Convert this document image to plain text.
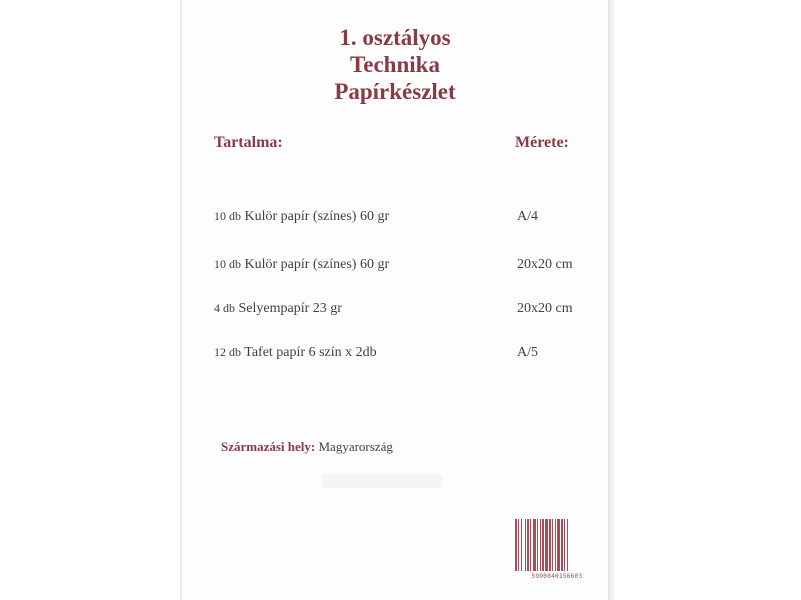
1. osztályos
Technika
Papírkészlet
Tartalma:	Mérete:
10 db Kulör papír (színes) 60 gr	A/4
10 db Kulör papír (színes) 60 gr	20x20 cm
4 db Selyempapír 23 gr	20x20 cm
12 db Tafet papír 6 szín x 2db	A/5
Származási hely: Magyarország
5990040156603
